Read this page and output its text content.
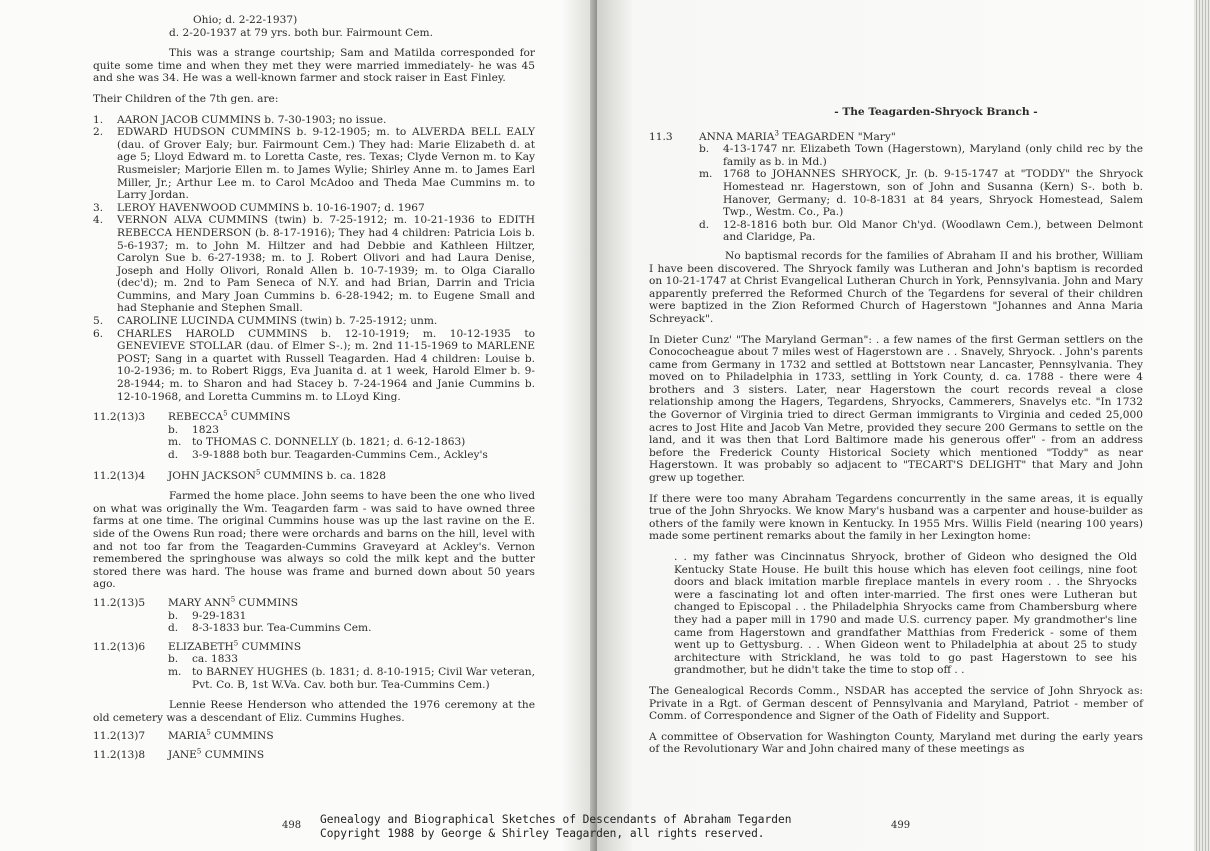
Ohio; d. 2-22-1937)

d. 2-20-1937 at 79 yrs. both bur. Fairmount Cem.

This was a strange courtship; Sam and Matilda corresponded for quite some time and when they met they were married immediately- he was 45 and she was 34. He was a well-known farmer and stock raiser in East Finley.

Their Children of the 7th gen. are:

1.	AARON JACOB CUMMINS b. 7-30-1903; no issue.
2.	EDWARD HUDSON CUMMINS b. 9-12-1905; m. to ALVERDA BELL EALY (dau. of Grover Ealy; bur. Fairmount Cem.) They had: Marie Elizabeth d. at age 5; Lloyd Edward m. to Loretta Caste, res. Texas; Clyde Vernon m. to Kay Rusmeisler; Marjorie Ellen m. to James Wylie; Shirley Anne m. to James Earl Miller, Jr.; Arthur Lee m. to Carol McAdoo and Theda Mae Cummins m. to Larry Jordan.
3.	LEROY HAVENWOOD CUMMINS b. 10-16-1907; d. 1967
4.	VERNON ALVA CUMMINS (twin) b. 7-25-1912; m. 10-21-1936 to EDITH REBECCA HENDERSON (b. 8-17-1916); They had 4 children: Patricia Lois b. 5-6-1937; m. to John M. Hiltzer and had Debbie and Kathleen Hiltzer, Carolyn Sue b. 6-27-1938; m. to J. Robert Olivori and had Laura Denise, Joseph and Holly Olivori, Ronald Allen b. 10-7-1939; m. to Olga Ciarallo (dec'd); m. 2nd to Pam Seneca of N.Y. and had Brian, Darrin and Tricia Cummins, and Mary Joan Cummins b. 6-28-1942; m. to Eugene Small and had Stephanie and Stephen Small.
5.	CAROLINE LUCINDA CUMMINS (twin) b. 7-25-1912; unm.
6.	CHARLES HAROLD CUMMINS b. 12-10-1919; m. 10-12-1935 to GENEVIEVE STOLLAR (dau. of Elmer S-.); m. 2nd 11-15-1969 to MARLENE POST; Sang in a quartet with Russell Teagarden. Had 4 children: Louise b. 10-2-1936; m. to Robert Riggs, Eva Juanita d. at 1 week, Harold Elmer b. 9-28-1944; m. to Sharon and had Stacey b. 7-24-1964 and Janie Cummins b. 12-10-1968, and Loretta Cummins m. to LLoyd King.
11.2(13)3	REBECCA$^5$ CUMMINS

b.	1823
m. to THOMAS C. DONNELLY (b. 1821; d. 6-12-1863)
d.	3-9-1888 both bur. Teagarden-Cummins Cem., Ackley's
11.2(13)4	JOHN JACKSON$^5$ CUMMINS b. ca. 1828

Farmed the home place. John seems to have been the one who lived on what was originally the Wm. Teagarden farm - was said to have owned three farms at one time. The original Cummins house was up the last ravine on the E. side of the Owens Run road; there were orchards and barns on the hill, level with and not too far from the Teagarden-Cummins Graveyard at Ackley's. Vernon remembered the springhouse was always so cold the milk kept and the butter stored there was hard. The house was frame and burned down about 50 years ago.

11.2(13)5	MARY ANN$^5$ CUMMINS

b.	9-29-1831
d.	8-3-1833 bur. Tea-Cummins Cem.
11.2(13)6	ELIZABETH$^5$ CUMMINS

b.	ca. 1833
m. to BARNEY HUGHES (b. 1831; d. 8-10-1915; Civil War veteran, Pvt. Co. B, 1st W.Va. Cav. both bur. Tea-Cummins Cem.)

Lennie Reese Henderson who attended the 1976 ceremony at the old cemetery was a descendant of Eliz. Cummins Hughes.

11.2(13)7	MARIA$^5$ CUMMINS

11.2(13)8	JANE$^5$ CUMMINS

498

- The Teagarden-Shryock Branch -

11.3	ANNA MARIA$^3$ TEAGARDEN "Mary"

b.	4-13-1747 nr. Elizabeth Town (Hagerstown), Maryland (only child rec by the family as b. in Md.)
m. 1768 to JOHANNES SHRYOCK, Jr. (b. 9-15-1747 at "TODDY" the Shryock Homestead nr. Hagerstown, son of John and Susanna (Kern) S-. both b. Hanover, Germany; d. 10-8-1831 at 84 years, Shryock Homestead, Salem Twp., Westm. Co., Pa.)
d.	12-8-1816 both bur. Old Manor Ch'yd. (Woodlawn Cem.), between Delmont and Claridge, Pa.

No baptismal records for the families of Abraham II and his brother, William I have been discovered. The Shryock family was Lutheran and John's baptism is recorded on 10-21-1747 at Christ Evangelical Lutheran Church in York, Pennsylvania. John and Mary apparently preferred the Reformed Church of the Tegardens for several of their children were baptized in the Zion Reformed Church of Hagerstown "Johannes and Anna Maria Schreyack".

In Dieter Cunz' "The Maryland German": . a few names of the first German settlers on the Conococheague about 7 miles west of Hagerstown are . . Snavely, Shryock. . John's parents came from Germany in 1732 and settled at Bottstown near Lancaster, Pennsylvania. They moved on to Philadelphia in 1733, settling in York County, d. ca. 1788 - there were 4 brothers and 3 sisters. Later, near Hagerstown the court records reveal a close relationship among the Hagers, Tegardens, Shryocks, Cammerers, Snavelys etc. "In 1732 the Governor of Virginia tried to direct German immigrants to Virginia and ceded 25,000 acres to Jost Hite and Jacob Van Metre, provided they secure 200 Germans to settle on the land, and it was then that Lord Baltimore made his generous offer" - from an address before the Frederick County Historical Society which mentioned "Toddy" as near Hagerstown. It was probably so adjacent to "TECART'S DELIGHT" that Mary and John grew up together.

If there were too many Abraham Tegardens concurrently in the same areas, it is equally true of the John Shryocks. We know Mary's husband was a carpenter and house-builder as others of the family were known in Kentucky. In 1955 Mrs. Willis Field (nearing 100 years) made some pertinent remarks about the family in her Lexington home:

. . my father was Cincinnatus Shryock, brother of Gideon who designed the Old Kentucky State House. He built this house which has eleven foot ceilings, nine foot doors and black imitation marble fireplace mantels in every room . . the Shryocks were a fascinating lot and often inter-married. The first ones were Lutheran but changed to Episcopal . . the Philadelphia Shryocks came from Chambersburg where they had a paper mill in 1790 and made U.S. currency paper. My grandmother's line came from Hagerstown and grandfather Matthias from Frederick - some of them went up to Gettysburg. . . When Gideon went to Philadelphia at about 25 to study architecture with Strickland, he was told to go past Hagerstown to see his grandmother, but he didn't take the time to stop off . .

The Genealogical Records Comm., NSDAR has accepted the service of John Shryock as: Private in a Rgt. of German descent of Pennsylvania and Maryland, Patriot - member of Comm. of Correspondence and Signer of the Oath of Fidelity and Support.

A committee of Observation for Washington County, Maryland met during the early years of the Revolutionary War and John chaired many of these meetings as

499
Genealogy and Biographical Sketches of Descendants of Abraham Tegarden
Copyright 1988 by George & Shirley Teagarden, all rights reserved.
